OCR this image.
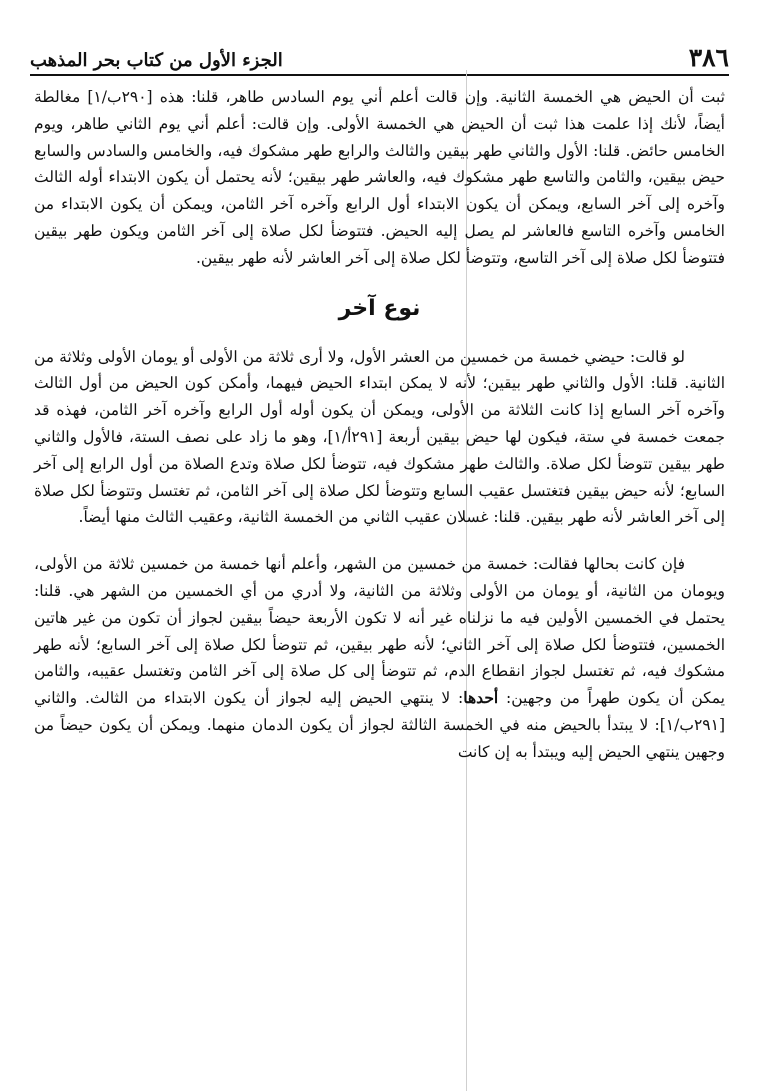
٣٨٦
الجزء الأول من كتاب بحر المذهب

ثبت أن الحيض هي الخمسة الثانية. وإن قالت أعلم أني يوم السادس طاهر، قلنا: هذه [٢٩٠ب/١] مغالطة أيضاً، لأنك إذا علمت هذا ثبت أن الحيض هي الخمسة الأولى. وإن قالت: أعلم أني يوم الثاني طاهر، ويوم الخامس حائض. قلنا: الأول والثاني طهر بيقين والثالث والرابع طهر مشكوك فيه، والخامس والسادس والسابع حيض بيقين، والثامن والتاسع طهر مشكوك فيه، والعاشر طهر بيقين؛ لأنه يحتمل أن يكون الابتداء أوله الثالث وآخره إلى آخر السابع، ويمكن أن يكون الابتداء أول الرابع وآخره آخر الثامن، ويمكن أن يكون الابتداء من الخامس وآخره التاسع فالعاشر لم يصل إليه الحيض. فتتوضأ لكل صلاة إلى آخر الثامن ويكون طهر بيقين فتتوضأ لكل صلاة إلى آخر التاسع، وتتوضأ لكل صلاة إلى آخر العاشر لأنه طهر بيقين.

نوع آخر

لو قالت: حيضي خمسة من خمسين من العشر الأول، ولا أرى ثلاثة من الأولى أو يومان الأولى وثلاثة من الثانية. قلنا: الأول والثاني طهر بيقين؛ لأنه لا يمكن ابتداء الحيض فيهما، وأمكن كون الحيض من أول الثالث وآخره آخر السابع إذا كانت الثلاثة من الأولى، ويمكن أن يكون أوله أول الرابع وآخره آخر الثامن، فهذه قد جمعت خمسة في ستة، فيكون لها حيض بيقين أربعة [٢٩١أ/١]، وهو ما زاد على نصف الستة، فالأول والثاني طهر بيقين تتوضأ لكل صلاة. والثالث طهر مشكوك فيه، تتوضأ لكل صلاة وتدع الصلاة من أول الرابع إلى آخر السابع؛ لأنه حيض بيقين فتغتسل عقيب السابع وتتوضأ لكل صلاة إلى آخر الثامن، ثم تغتسل وتتوضأ لكل صلاة إلى آخر العاشر لأنه طهر بيقين. قلنا: غسلان عقيب الثاني من الخمسة الثانية، وعقيب الثالث منها أيضاً.

فإن كانت بحالها فقالت: خمسة من خمسين من الشهر، وأعلم أنها خمسة من خمسين ثلاثة من الأولى، ويومان من الثانية، أو يومان من الأولى وثلاثة من الثانية، ولا أدري من أي الخمسين من الشهر هي. قلنا: يحتمل في الخمسين الأولين فيه ما نزلناه غير أنه لا تكون الأربعة حيضاً بيقين لجواز أن تكون من غير هاتين الخمسين، فتتوضأ لكل صلاة إلى آخر الثاني؛ لأنه طهر بيقين، ثم تتوضأ لكل صلاة إلى آخر السابع؛ لأنه طهر مشكوك فيه، ثم تغتسل لجواز انقطاع الدم، ثم تتوضأ إلى كل صلاة إلى آخر الثامن وتغتسل عقيبه، والثامن يمكن أن يكون طهراً من وجهين: أحدها: لا ينتهي الحيض إليه لجواز أن يكون الابتداء من الثالث. والثاني [٢٩١ب/١]: لا يبتدأ بالحيض منه في الخمسة الثالثة لجواز أن يكون الدمان منهما. ويمكن أن يكون حيضاً من وجهين ينتهي الحيض إليه ويبتدأ به إن كانت
